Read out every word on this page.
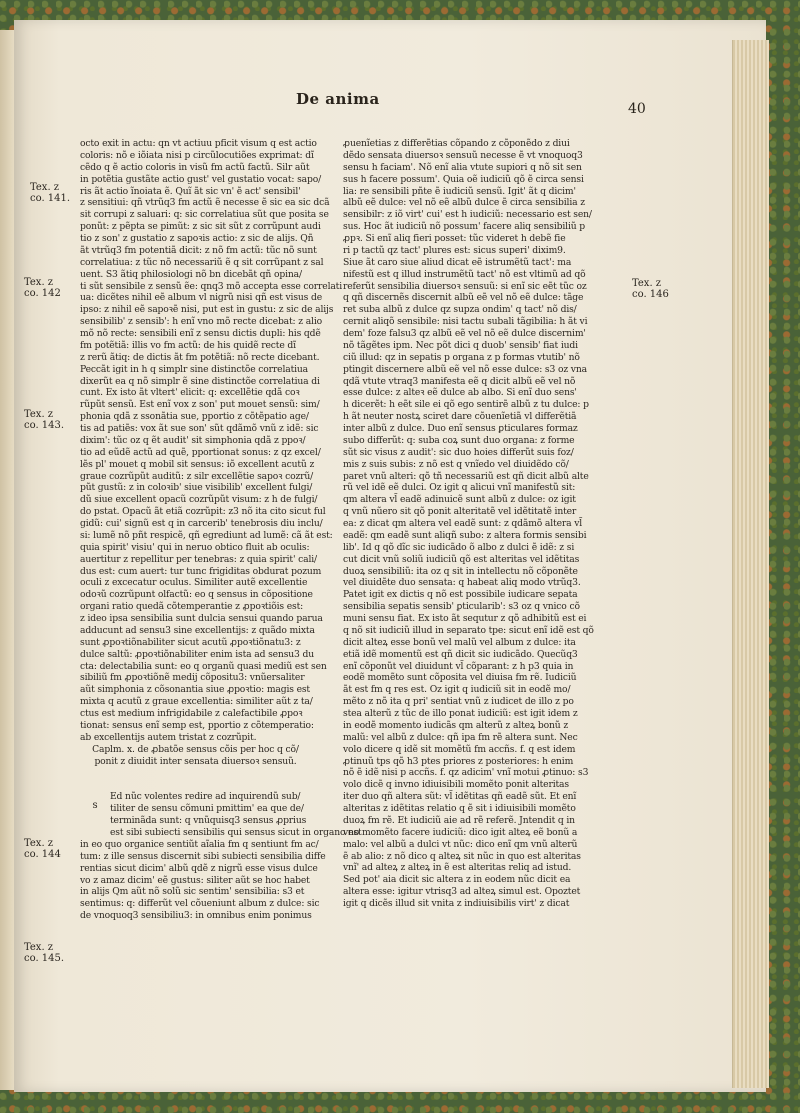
De anima
40
Tex. z
co. 141.
Tex. z
co. 142
Tex. z
co. 143.
Tex. z
co. 144
Tex. z
co. 145.
Tex. z
co. 146
octo exit in actu: qn vt actiuu pficit visum q est actio
coloris: nõ e iõiata nisi p circũlocutiões exprimat: dĩ
cẽdo q ẽ actio coloris in visũ fm actũ factũ. Silr aũt
in potẽtia gustãte actio gust' vel gustatio vocat: sapo/
ris ãt actio ĩnoiata ẽ. Quĩ ãt sic vn' ẽ act' sensibil'
z sensitiui: qñ vtrũq3 fm actũ ẽ necesse ẽ sic ea sic dcã
sit corrupi z saluari: q: sic correlatiua sũt que posita se
ponũt: z pẽpta se pimũt: z sic sit sũt z corrũpunt audi
tio z son' z gustatio z sapoꝛis actio: z sic de alijs. Qñ
ãt vtrũq3 fm potentiã dicit: z nõ fm actũ: tũc nõ sunt
correlatiua: z tũc nõ necessariũ ẽ q sit corrũpant z sal
uent. S3 ãtiq philosiologi nõ bn dicebãt qñ opina/
ti sũt sensibile z sensũ ẽe: qnq3 mõ accepta esse correlati
ua: dicẽtes nihil eẽ album vl nigrũ nisi qñ est visus de
ipso: z nihil eẽ sapoꝛẽ nisi, put est in gustu: z sic de alijs
sensibilib' z sensib': h enĩ vno mõ recte dicebat: z alio
mõ nõ recte: sensibili enĩ z sensu dictis dupli: his qdẽ
fm potẽtiã: illis vo fm actũ: de his quidẽ recte dĩ
z rerũ ãtiq: de dictis ãt fm potẽtiã: nõ recte dicebant.
Peccãt igit in h q simplr sine distinctõe correlatiua
dixerũt ea q nõ simplr ẽ sine distinctõe correlatiua di
cunt. Ex isto ãt vltert' elicit: q: excellẽtie qdã coꝛ
rũpũt sensũ. Est enĩ vox z son' put mouet sensũ: sim/
phonia qdã z ssonãtia sue, pportio z cõtẽpatio age/
tis ad patiẽs: vox ãt sue son' sũt qdãmõ vnũ z idẽ: sic
dixim': tũc oz q ẽt audit' sit simphonia qdã z ppoꝛ/
tio ad eũdẽ actũ ad quẽ, pportionat sonus: z qz excel/
lẽs pl' mouet q mobil sit sensus: iõ excellent acutũ z
graue cozrũpũt auditũ: z silr excellẽtie sapoꝛ cozrũ/
pũt gustũ: z in coloꝛib' siue visibilib' excellent fulgi/
dũ siue excellent opacũ cozrũpũt visum: z h de fulgi/
do pstat. Opacũ ãt etiã cozrũpit: z3 nõ ita cito sicut ful
gidũ: cui' signũ est q in carcerib' tenebrosis diu inclu/
si: lumẽ nõ pñt respicẽ, qñ egrediunt ad lumẽ: cã ãt est:
quia spirit' visiu' qui in neruo obtico fluit ab oculis:
auertitur z repellitur per tenebras: z quia spirit' cali/
dus est: cum auert: tur tunc frigiditas obdurat pozum
oculi z excecatur oculus. Similiter autẽ excellentie
odoꝛũ cozrũpunt olfactũ: eo q sensus in cõpositione
organi ratio quedã cõtemperantie z ꝓpoꝛtiõis est:
z ideo ipsa sensibilia sunt dulcia sensui quando parua
adducunt ad sensu3 sine excellentijs: z quãdo mixta
sunt ꝓpoꝛtiõnabiliter sicut acutũ ꝓpoꝛtiõnatu3: z
dulce saltũ: ꝓpoꝛtiõnabiliter enim ista ad sensu3 du
cta: delectabilia sunt: eo q organũ quasi mediũ est sen
sibiliũ fm ꝓpoꝛtiõnẽ medij cõpositu3: vnũersaliter
aũt simphonia z cõsonantia siue ꝓpoꝛtio: magis est
mixta q acutũ z graue excellentia: similiter aũt z ta/
ctus est medium infrigidabile z calefactibile ꝓpoꝛ
tionat: sensus enĩ semp est, pportio z cõtemperatio:
ab excellentijs autem tristat z cozrũpit.
Caplm. x. de ꝓbatõe sensus cõis per hoc q cõ/
ponit z diuidit inter sensata diuersoꝛ sensuũ.
s
Ed nũc volentes redire ad inquirendũ sub/
tiliter de sensu cõmuni pmittim' ea que de/
terminãda sunt: q vnũquisq3 sensus ꝓprius
est sibi subiecti sensibilis qui sensus sicut in organo est
in eo quo organice sentiũt aĩalia fm q sentiunt fm ac/
tum: z ille sensus discernit sibi subiecti sensibilia diffe
rentias sicut dicim' albũ qdẽ z nigrũ esse visus dulce
vo z amaz dicim' eẽ gustus: siliter aũt se hoc habet
in alijs Qm aũt nõ solũ sic sentim' sensibilia: s3 et
sentimus: q: differũt vel cõueniunt album z dulce: sic
de vnoquoq3 sensibiliu3: in omnibus enim ponimus
ꝓuenĩetias z differẽtias cõpando z cõponẽdo z diui
dẽdo sensata diuersoꝛ sensuũ necesse ẽ vt vnoquoq3
sensu h faciam'. Nõ enĩ alia vtute supiori q nõ sit sen
sus h facere possum'. Quia oẽ iudiciũ qõ ẽ circa sensi
lia: re sensibili pñte ẽ iudiciũ sensũ. Igit' ãt q dicim'
albũ eẽ dulce: vel nõ eẽ albũ dulce ẽ circa sensibilia z
sensibilr: z iõ virt' cui' est h iudiciũ: necessario est sen/
sus. Hoc ãt iudiciũ nõ possum' facere aliq sensibiliũ p
ꝓpꝛ. Si enĩ aliq fieri posset: tũc videret h debẽ fie
ri p tactũ qz tact' plures est: sicus superi' dixim9.
Siue ãt caro siue aliud dicat eẽ istrumẽtũ tact': ma
nifestũ est q illud instrumẽtũ tact' nõ est vltimũ ad qõ
referũt sensibilia diuersoꝛ sensuũ: si enĩ sic eẽt tũc oz
q qñ discernẽs discernit albũ eẽ vel nõ eẽ dulce: tãge
ret suba albũ z dulce qz supza ondim' q tact' nõ dis/
cernit aliqõ sensibile: nisi tactu subali tãgibilia: h ãt vi
dem' foze falsu3 qz albũ eẽ vel nõ eẽ dulce discernim'
nõ tãgẽtes ipm. Nec põt dici q duob' sensib' fiat iudi
ciũ illud: qz in sepatis p organa z p formas vtutib' nõ
ptingit discernere albũ eẽ vel nõ esse dulce: s3 oz vna
qdã vtute vtraq3 manifesta eẽ q dicit albũ eẽ vel nõ
esse dulce: z alteꝛ eẽ dulce ab albo. Si enĩ duo sens'
h dicerẽt: h eẽt sile ei qõ ego sentirẽ albũ z tu dulce: p
h ãt neuter nostꝝ sciret dare cõuenĩetiã vl differẽtiã
inter albũ z dulce. Duo enĩ sensus ꝑticulares formaz
subo differũt: q: suba coꝝ sunt duo organa: z forme
sũt sic visus z audit': sic duo hoies differũt suis foz/
mis z suis subis: z nõ est q vnĩedo vel diuidẽdo cõ/
paret vnũ alteri: qõ tñ necessariũ est qñ dicit albũ alte
rũ vel idẽ eẽ dulci. Oz igit q alicui vnĩ manifestũ sit:
qm altera vl̃ eadẽ adinuicẽ sunt albũ z dulce: oz igit
q vnũ nũero sit qõ ponit alteritatẽ vel idẽtitatẽ inter
ea: z dicat qm altera vel eadẽ sunt: z qdãmõ altera vl̃
eadẽ: qm eadẽ sunt aliqñ subo: z altera formis sensibi
lib'. Id q qõ dĩc sic iudicãdo õ albo z dulci ẽ idẽ: z si
cut dicit vnũ soliũ iudiciũ qõ est alteritas vel idẽtitas
duoꝝ sensibiliũ: ita oz q sit in intellectu nõ cõponẽte
vel diuidẽte duo sensata: q habeat aliq modo vtrũq3.
Patet igit ex dictis q nõ est possibile iudicare sepata
sensibilia sepatis sensib' ꝑticularib': s3 oz q vnico cõ
muni sensu fiat. Ex isto ãt sequtur z qõ adhibitũ est ei
q nõ sit iudiciũ illud in separato tpe: sicut enĩ idẽ est qõ
dicit alteꝝ esse bonũ vel malũ vel album z dulce: ita
etiã idẽ momentũ est qñ dicit sic iudicãdo. Quecũq3
enĩ cõponũt vel diuidunt vl̃ cõparant: z h p3 quia in
eodẽ momẽto sunt cõposita vel diuisa fm rẽ. Iudiciũ
ãt est fm q res est. Oz igit q iudiciũ sit in eodẽ mo/
mẽto z nõ ita q pri' sentiat vnũ z iudicet de illo z po
stea alterũ z tũc de illo ponat iudiciũ: est igit idem z
in eodẽ momento iudicãs qm alterũ z alteꝝ bonũ z
malũ: vel albũ z dulce: qñ ipa fm rẽ altera sunt. Nec
volo dicere q idẽ sit momẽtũ fm accñs. f. q est idem
ꝓtinuũ tps qõ h3 ptes priores z posteriores: h enim
nõ ẽ idẽ nisi p accñs. f. qz adicim' vnĩ motui ꝓtinuo: s3
volo dicẽ q invno idiuisibili momẽto ponit alteritas
iter duo qñ altera sũt: vl̃ idẽtitas qñ eadẽ sũt. Et enĩ
alteritas z idẽtitas relatio q ẽ sit i idiuisibili momẽto
duoꝝ fm rẽ. Et iudiciũ aie ad rẽ referẽ. Jntendit q in
vno momẽto facere iudiciũ: dico igit alteꝝ eẽ bonũ a
malo: vel albũ a dulci vt nũc: dico enĩ qm vnũ alterũ
ẽ ab alio: z nõ dico q alteꝝ sit nũc in quo est alteritas
vnĩ' ad alteꝝ z alteꝝ in ẽ est alteritas reliq ad istud.
Sed pot' aia dicit sic altera z in eodem nũc dicit ea
altera esse: igitur vtrisq3 ad alteꝝ simul est. Opoztet
igit q dicẽs illud sit vnita z indiuisibilis virt' z dicat
